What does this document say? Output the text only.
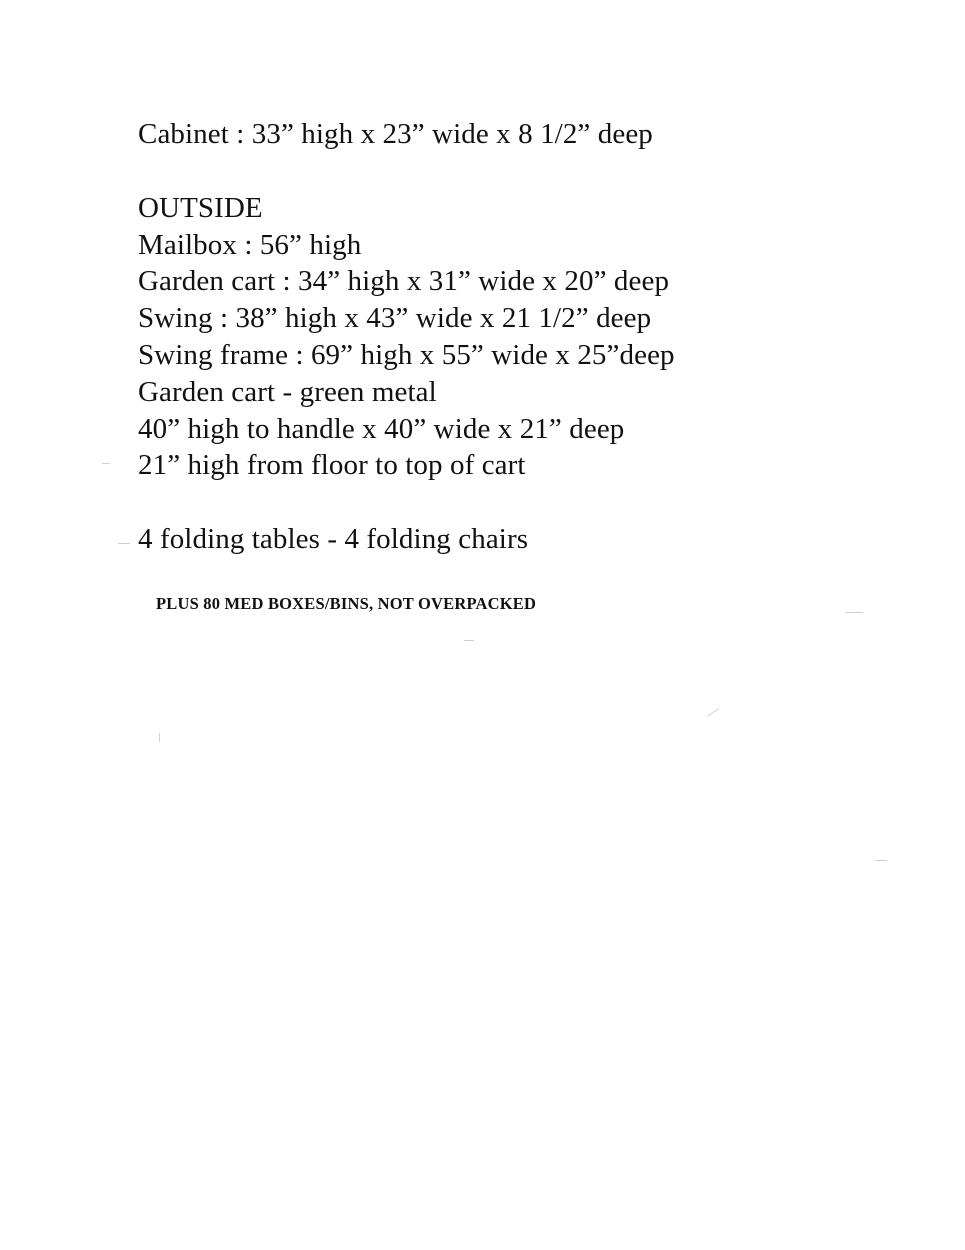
Cabinet : 33” high x 23” wide x 8 1/2” deep
OUTSIDE
Mailbox : 56” high
Garden cart : 34” high x 31” wide x 20” deep
Swing : 38” high x 43” wide x 21 1/2” deep
Swing frame : 69” high x 55” wide x 25”deep
Garden cart - green metal
40” high to handle x 40” wide x 21” deep
21” high from floor to top of cart
4 folding tables - 4 folding chairs
PLUS 80 MED BOXES/BINS, NOT OVERPACKED
